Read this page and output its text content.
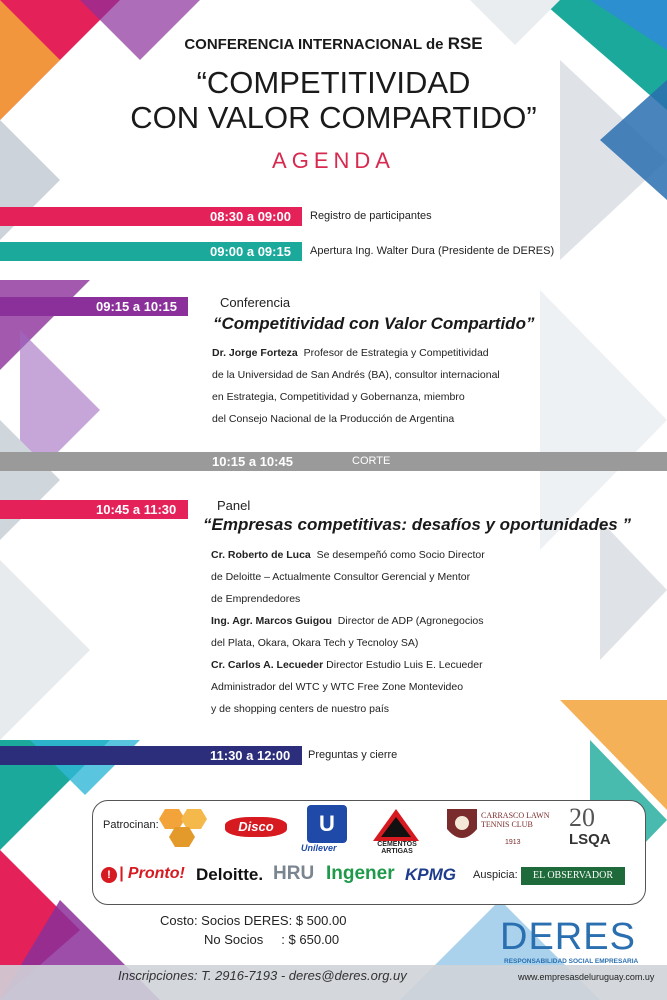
CONFERENCIA INTERNACIONAL de RSE
“COMPETITIVIDAD
CON VALOR COMPARTIDO”
AGENDA
08:30 a 09:00 Registro de participantes
09:00 a 09:15 Apertura Ing. Walter Dura (Presidente de DERES)
09:15 a 10:15	Conferencia
“Competitividad con Valor Compartido”
Dr. Jorge Forteza Profesor de Estrategia y Competitividad
de la Universidad de San Andrés (BA), consultor internacional
en Estrategia, Competitividad y Gobernanza, miembro
del Consejo Nacional de la Producción de Argentina
10:15 a 10:45	CORTE
10:45 a 11:30	Panel
“Empresas competitivas: desafíos y oportunidades ”
Cr. Roberto de Luca Se desempeñó como Socio Director
de Deloitte – Actualmente Consultor Gerencial y Mentor
de Emprendedores
Ing. Agr. Marcos Guigou Director de ADP (Agronegocios
del Plata, Okara, Okara Tech y Tecnoloy SA)
Cr. Carlos A. Lecueder Director Estudio Luis E. Lecueder
Administrador del WTC y WTC Free Zone Montevideo
y de shopping centers de nuestro país
11:30 a 12:00 Preguntas y cierre
Patrocinan:	Disco	U
Unilever	CEMENTOS ARTIGAS
CARRASCO LAWN TENNIS CLUB
1913
20
LSQA
! | Pronto! Deloitte. HRU Ingener KPMG Auspicia:	EL OBSERVADOR
Costo: Socios DERES: $ 500.00
No Socios     : $ 650.00	DERES
RESPONSABILIDAD SOCIAL EMPRESARIA
Inscripciones: T. 2916-7193 - deres@deres.org.uy	www.empresasdeluruguay.com.uy
